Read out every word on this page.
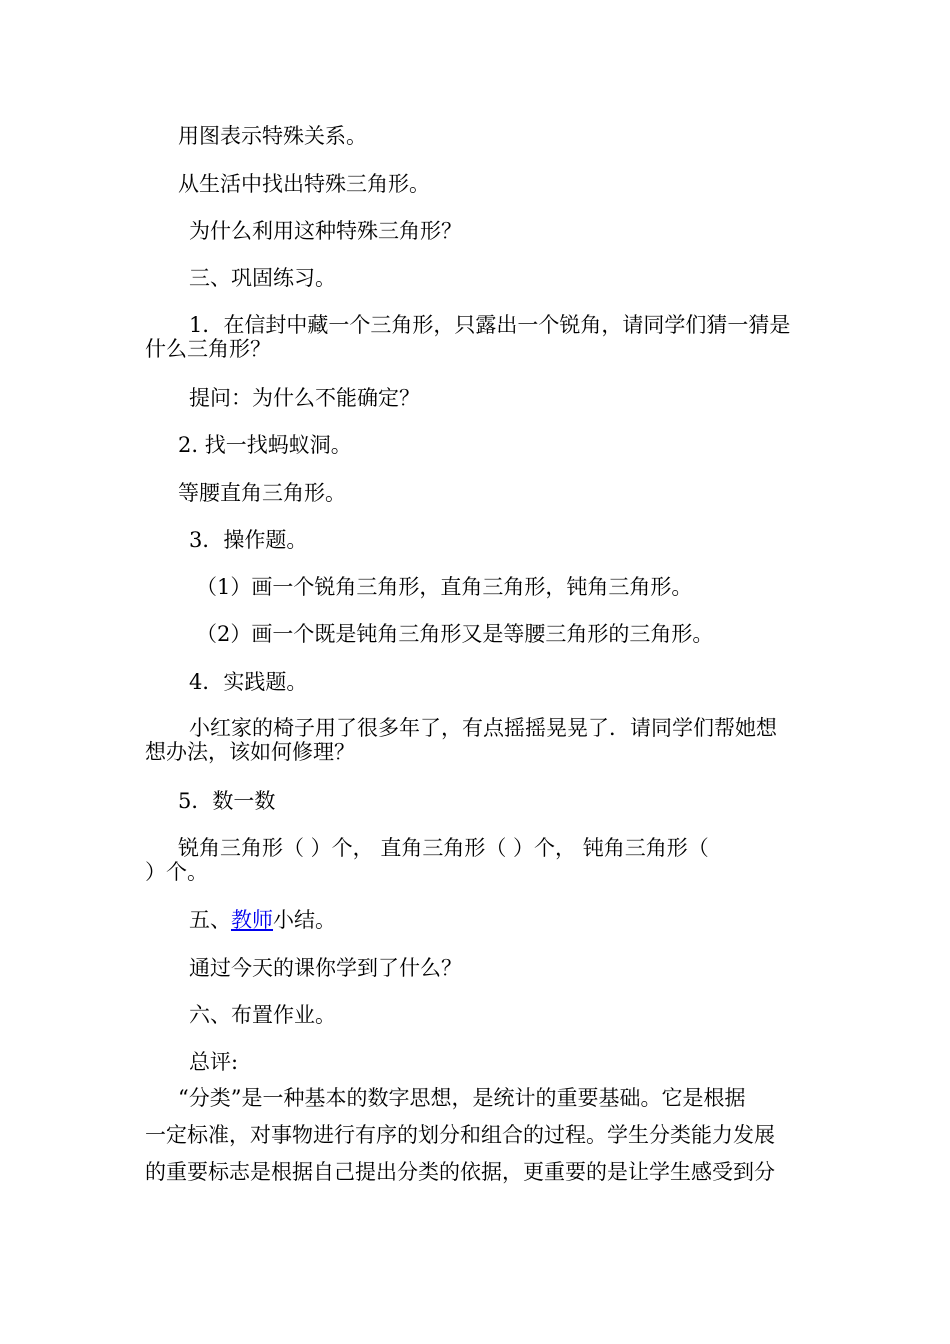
用图表示特殊关系。
从生活中找出特殊三角形。
为什么利用这种特殊三角形？
三、巩固练习。
1．在信封中藏一个三角形，只露出一个锐角，请同学们猜一猜是
什么三角形？
提问：为什么不能确定？
2. 找一找蚂蚁洞。
等腰直角三角形。
3．操作题。
（1）画一个锐角三角形，直角三角形，钝角三角形。
（2）画一个既是钝角三角形又是等腰三角形的三角形。
4．实践题。
小红家的椅子用了很多年了，有点摇摇晃晃了．请同学们帮她想
想办法，该如何修理？
5．数一数
锐角三角形（ ）个， 直角三角形（ ）个， 钝角三角形（
）个。
五、教师小结。
通过今天的课你学到了什么？
六、布置作业。
总评:
“分类”是一种基本的数字思想，是统计的重要基础。它是根据
一定标准，对事物进行有序的划分和组合的过程。学生分类能力发展
的重要标志是根据自己提出分类的依据，更重要的是让学生感受到分
